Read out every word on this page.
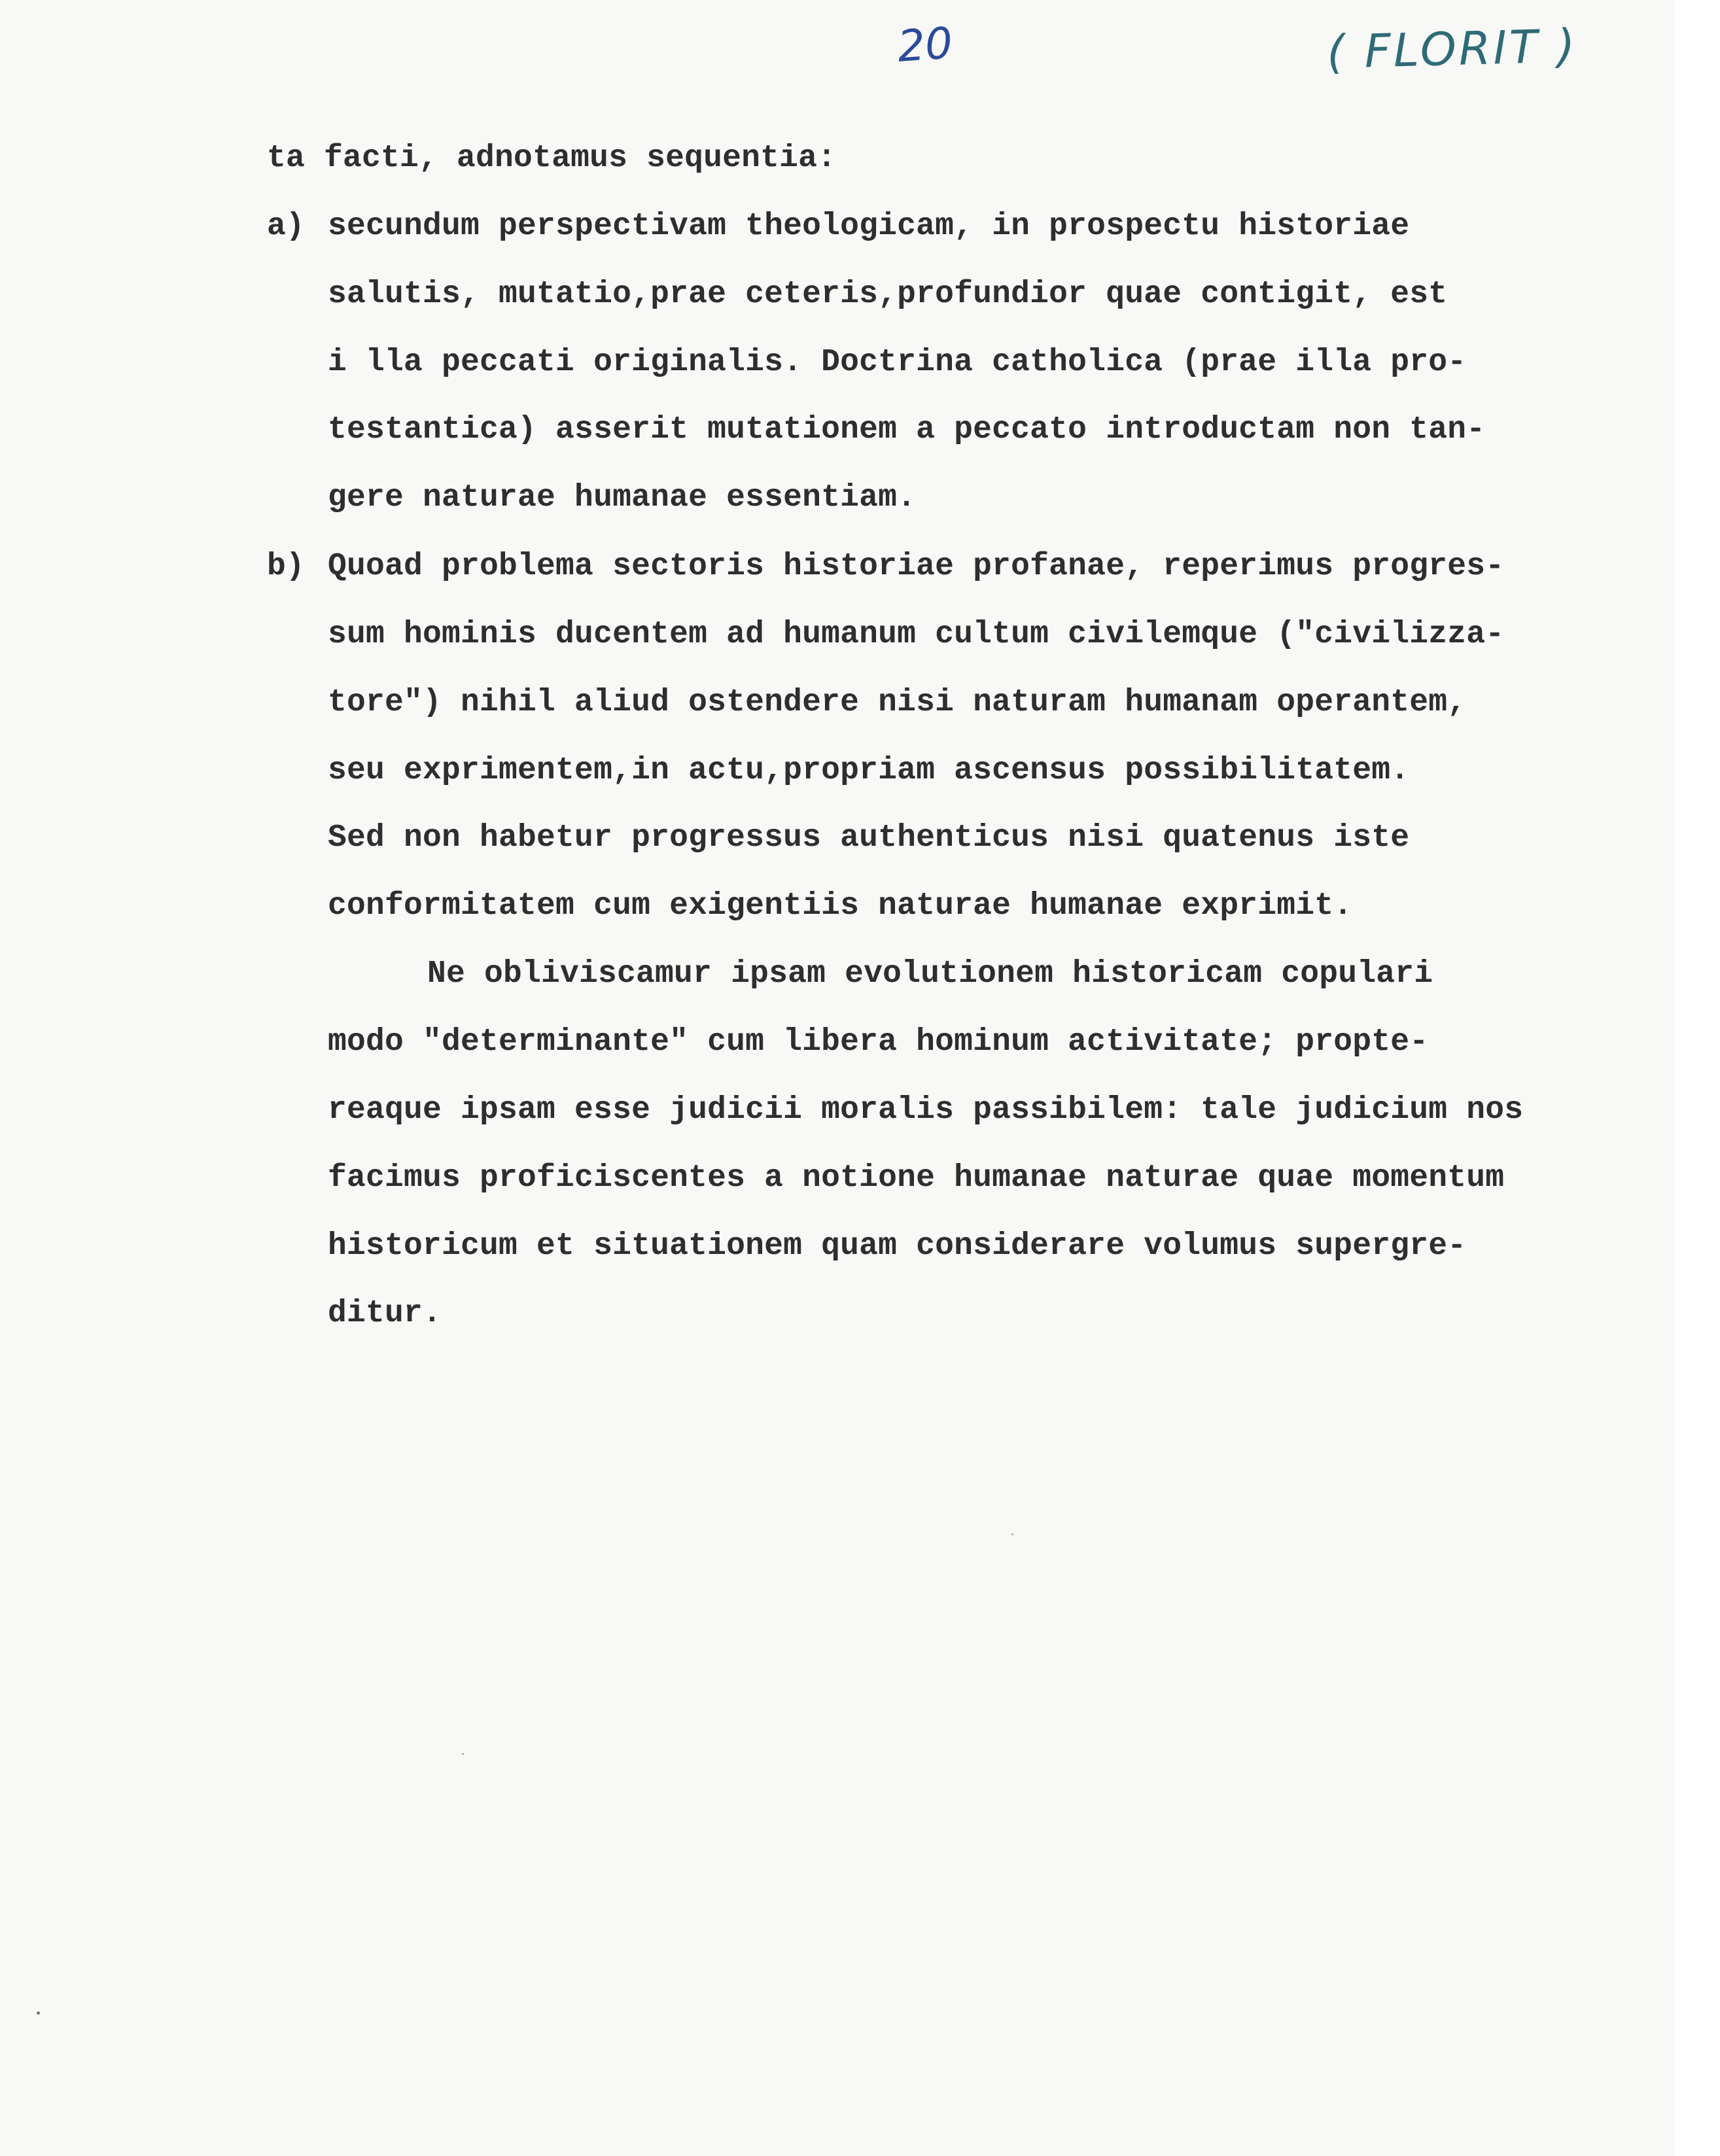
20	( FLORIT )
ta facti, adnotamus sequentia:
a) secundum perspectivam theologicam, in prospectu historiae
salutis, mutatio,prae ceteris,profundior quae contigit, est
i lla peccati originalis. Doctrina catholica (prae illa pro-
testantica) asserit mutationem a peccato introductam non tan-
gere naturae humanae essentiam.
b) Quoad problema sectoris historiae profanae, reperimus progres-
sum hominis ducentem ad humanum cultum civilemque ("civilizza-
tore") nihil aliud ostendere nisi naturam humanam operantem,
seu exprimentem,in actu,propriam ascensus possibilitatem.
Sed non habetur progressus authenticus nisi quatenus iste
conformitatem cum exigentiis naturae humanae exprimit.
Ne obliviscamur ipsam evolutionem historicam copulari
modo "determinante" cum libera hominum activitate; propte-
reaque ipsam esse judicii moralis passibilem: tale judicium nos
facimus proficiscentes a notione humanae naturae quae momentum
historicum et situationem quam considerare volumus supergre-
ditur.
